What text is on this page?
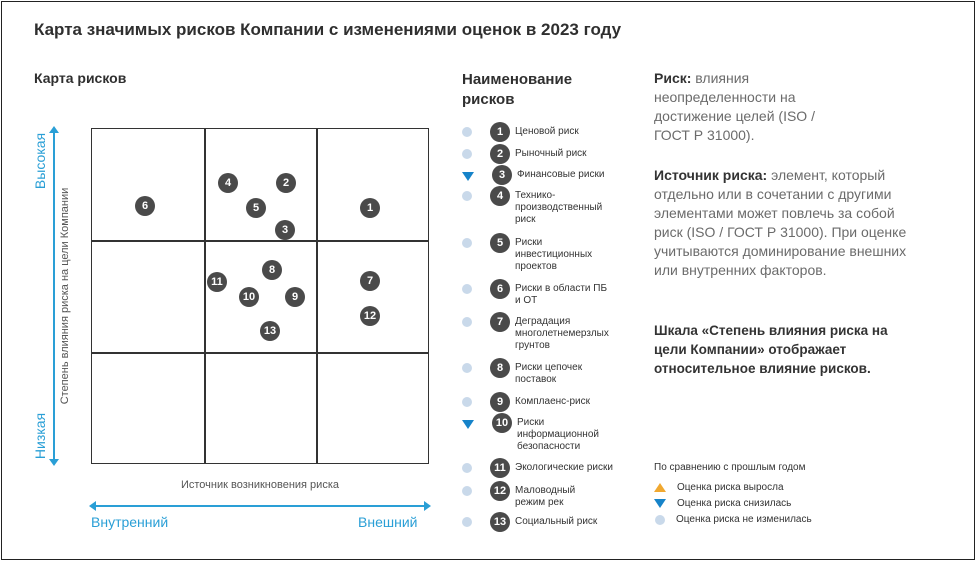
Карта значимых рисков Компании с изменениями оценок в 2023 году
Карта рисков
Высокая
Низкая
Степень влияния риска на цели Компании	1
2
3
4
5
6
7
8
9
10
11
12
13
Источник возникновения риска
Внутренний	Внешний
Наименование
рисков
1	Ценовой риск
2	Рыночный риск
3	Финансовые риски
4	Технико-производственный риск
5	Риски инвестиционных проектов
6	Риски в области ПБ и ОТ
7	Деградация многолетнемерзлых грунтов
8	Риски цепочек поставок
9	Комплаенс-риск
10 Риски информационной безопасности
11 Экологические риски
12 Маловодный режим рек
13 Социальный риск
Риск: влияния неопределенности на достижение целей (ISO / ГОСТ Р 31000).
Источник риска: элемент, который отдельно или в сочетании с другими элементами может повлечь за собой риск (ISO / ГОСТ Р 31000). При оценке учитываются доминирование внешних или внутренних факторов.
Шкала «Степень влияния риска на цели Компании» отображает относительное влияние рисков.
По сравнению с прошлым годом
Оценка риска выросла
Оценка риска снизилась
Оценка риска не изменилась
